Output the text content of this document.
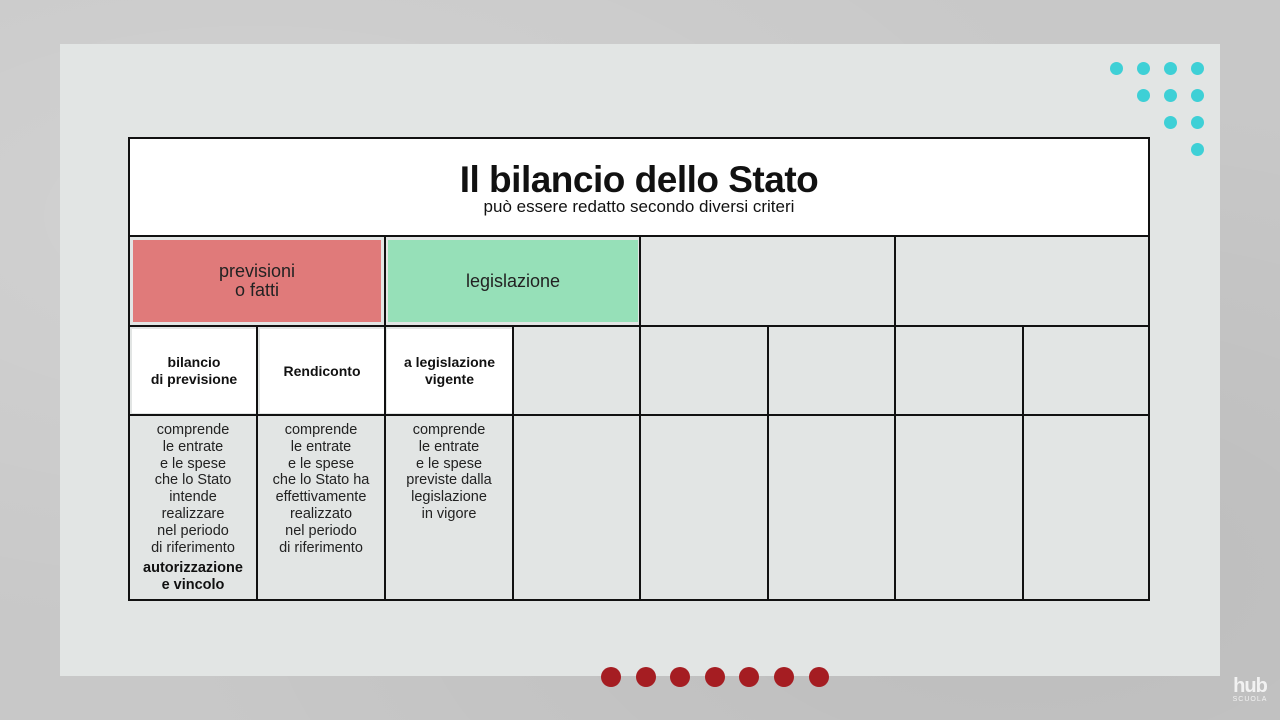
Il bilancio dello Stato
può essere redatto secondo diversi criteri
previsioni
o fatti	legislazione
bilancio
di previsione
Rendiconto
a legislazione
vigente
comprende
le entrate
e le spese
che lo Stato
intende
realizzare
nel periodo
di riferimento
autorizzazione
e vincolo
comprende
le entrate
e le spese
che lo Stato ha
effettivamente
realizzato
nel periodo
di riferimento
comprende
le entrate
e le spese
previste dalla
legislazione
in vigore
hub
SCUOLA
